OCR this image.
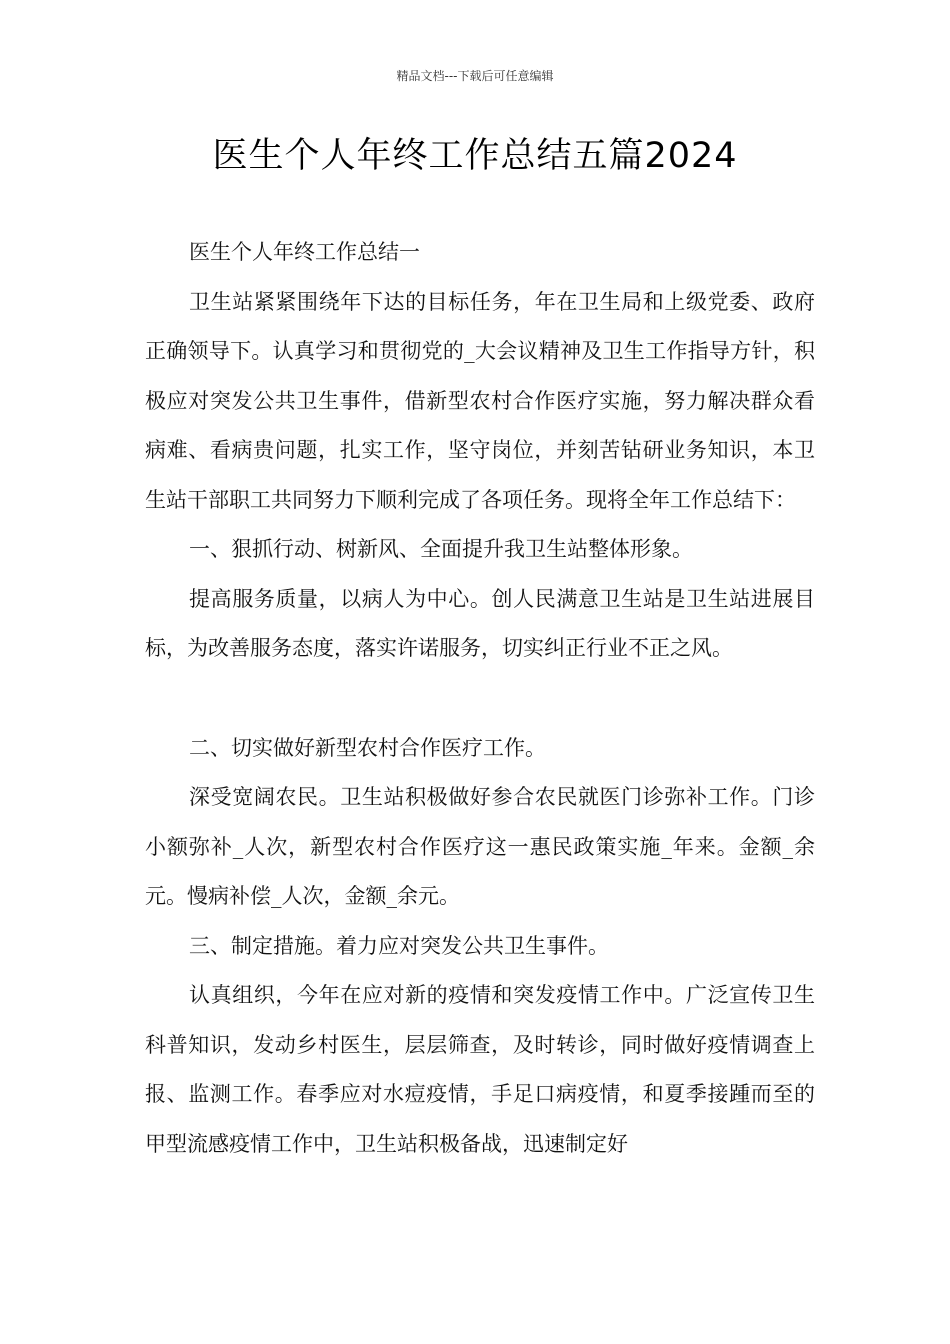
精品文档---下载后可任意编辑
医生个人年终工作总结五篇2024

医生个人年终工作总结一

卫生站紧紧围绕年下达的目标任务，年在卫生局和上级党委、政府正确领导下。认真学习和贯彻党的_大会议精神及卫生工作指导方针，积极应对突发公共卫生事件，借新型农村合作医疗实施，努力解决群众看病难、看病贵问题，扎实工作，坚守岗位，并刻苦钻研业务知识，本卫生站干部职工共同努力下顺利完成了各项任务。现将全年工作总结下：

一、狠抓行动、树新风、全面提升我卫生站整体形象。

提高服务质量，以病人为中心。创人民满意卫生站是卫生站进展目标，为改善服务态度，落实许诺服务，切实纠正行业不正之风。

二、切实做好新型农村合作医疗工作。

深受宽阔农民。卫生站积极做好参合农民就医门诊弥补工作。门诊小额弥补_人次，新型农村合作医疗这一惠民政策实施_年来。金额_余元。慢病补偿_人次，金额_余元。

三、制定措施。着力应对突发公共卫生事件。

认真组织，今年在应对新的疫情和突发疫情工作中。广泛宣传卫生科普知识，发动乡村医生，层层筛查，及时转诊，同时做好疫情调查上报、监测工作。春季应对水痘疫情，手足口病疫情，和夏季接踵而至的甲型流感疫情工作中，卫生站积极备战，迅速制定好
